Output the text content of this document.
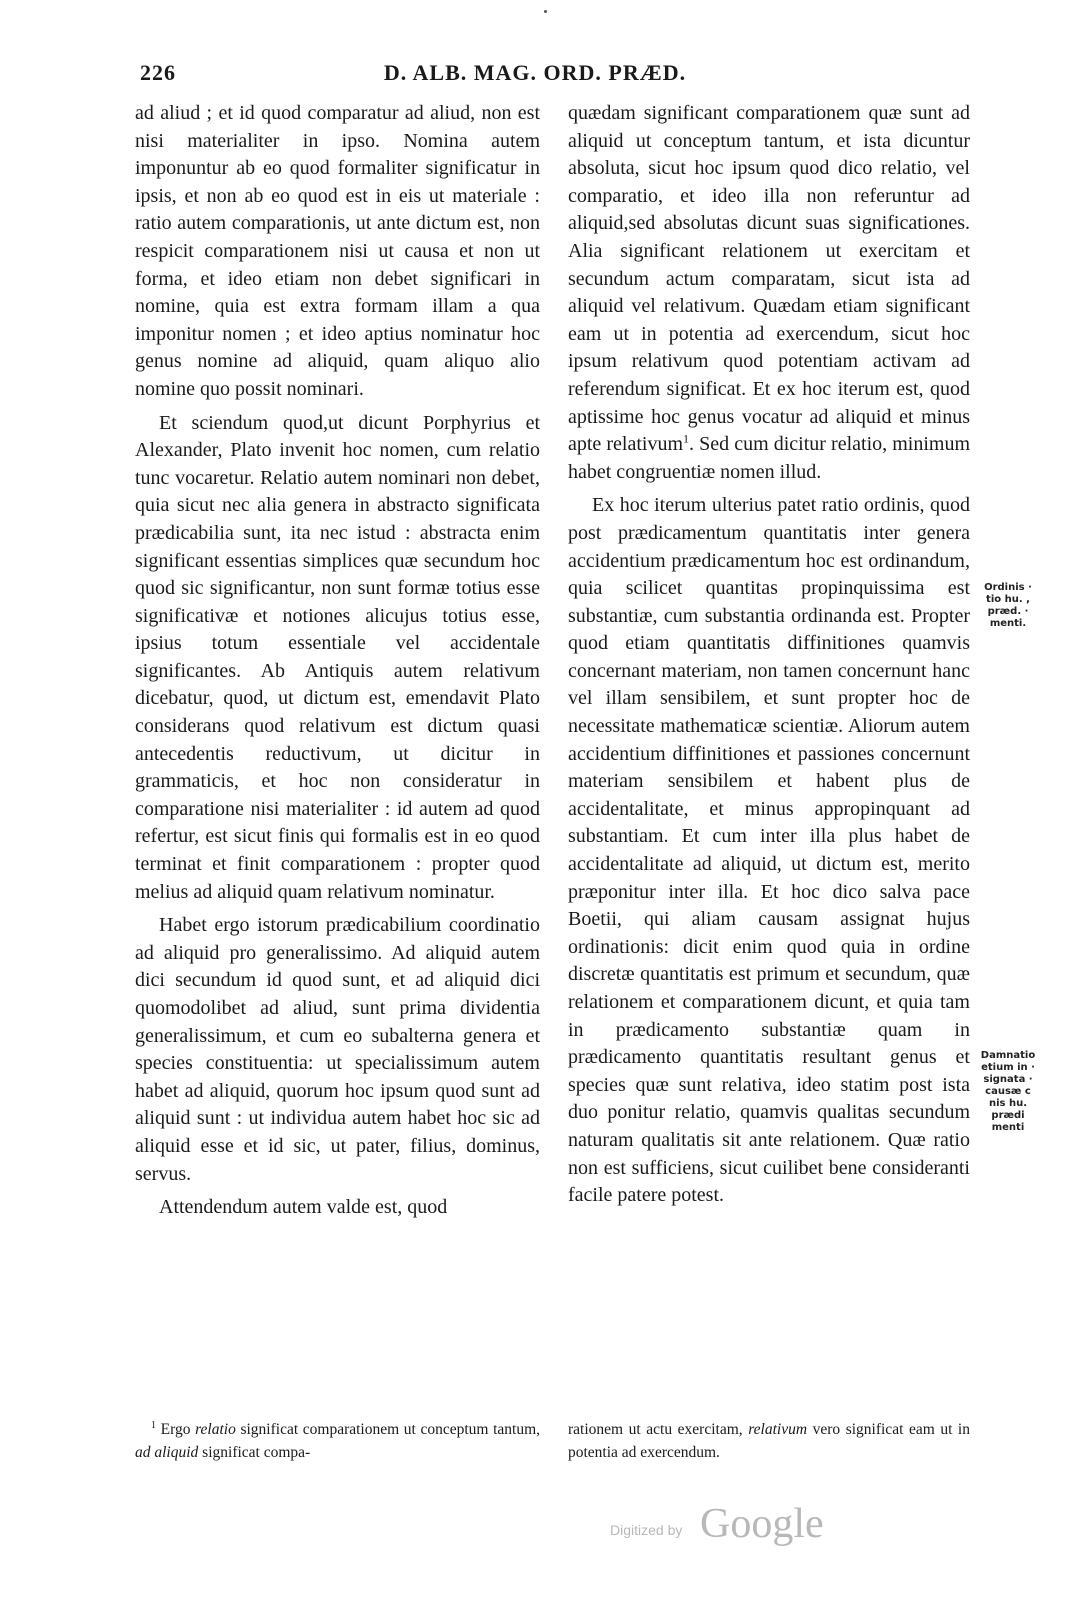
226	D. ALB. MAG. ORD. PRÆD.

ad aliud ; et id quod comparatur ad aliud, non est nisi materialiter in ipso. Nomina autem imponuntur ab eo quod formaliter significatur in ipsis, et non ab eo quod est in eis ut materiale : ratio autem comparationis, ut ante dictum est, non respicit comparationem nisi ut causa et non ut forma, et ideo etiam non debet significari in nomine, quia est extra formam illam a qua imponitur nomen ; et ideo aptius nominatur hoc genus nomine ad aliquid, quam aliquo alio nomine quo possit nominari.

Et sciendum quod,ut dicunt Porphyrius et Alexander, Plato invenit hoc nomen, cum relatio tunc vocaretur. Relatio autem nominari non debet, quia sicut nec alia genera in abstracto significata prædicabilia sunt, ita nec istud : abstracta enim significant essentias simplices quæ secundum hoc quod sic significantur, non sunt formæ totius esse significativæ et notiones alicujus totius esse, ipsius totum essentiale vel accidentale significantes. Ab Antiquis autem relativum dicebatur, quod, ut dictum est, emendavit Plato considerans quod relativum est dictum quasi antecedentis reductivum, ut dicitur in grammaticis, et hoc non consideratur in comparatione nisi materialiter : id autem ad quod refertur, est sicut finis qui formalis est in eo quod terminat et finit comparationem : propter quod melius ad aliquid quam relativum nominatur.

Habet ergo istorum prædicabilium coordinatio ad aliquid pro generalissimo. Ad aliquid autem dici secundum id quod sunt, et ad aliquid dici quomodolibet ad aliud, sunt prima dividentia generalissimum, et cum eo subalterna genera et species constituentia: ut specialissimum autem habet ad aliquid, quorum hoc ipsum quod sunt ad aliquid sunt : ut individua autem habet hoc sic ad aliquid esse et id sic, ut pater, filius, dominus, servus.

Attendendum autem valde est, quod

quædam significant comparationem quæ sunt ad aliquid ut conceptum tantum, et ista dicuntur absoluta, sicut hoc ipsum quod dico relatio, vel comparatio, et ideo illa non referuntur ad aliquid,sed absolutas dicunt suas significationes. Alia significant relationem ut exercitam et secundum actum comparatam, sicut ista ad aliquid vel relativum. Quædam etiam significant eam ut in potentia ad exercendum, sicut hoc ipsum relativum quod potentiam activam ad referendum significat. Et ex hoc iterum est, quod aptissime hoc genus vocatur ad aliquid et minus apte relativum$^1$. Sed cum dicitur relatio, minimum habet congruentiæ nomen illud.

Ex hoc iterum ulterius patet ratio ordinis, quod post prædicamentum quantitatis inter genera accidentium prædicamentum hoc est ordinandum, quia scilicet quantitas propinquissima est substantiæ, cum substantia ordinanda est. Propter quod etiam quantitatis diffinitiones quamvis concernant materiam, non tamen concernunt hanc vel illam sensibilem, et sunt propter hoc de necessitate mathematicæ scientiæ. Aliorum autem accidentium diffinitiones et passiones concernunt materiam sensibilem et habent plus de accidentalitate, et minus appropinquant ad substantiam. Et cum inter illa plus habet de accidentalitate ad aliquid, ut dictum est, merito præponitur inter illa. Et hoc dico salva pace Boetii, qui aliam causam assignat hujus ordinationis: dicit enim quod quia in ordine discretæ quantitatis est primum et secundum, quæ relationem et comparationem dicunt, et quia tam in prædicamento substantiæ quam in prædicamento quantitatis resultant genus et species quæ sunt relativa, ideo statim post ista duo ponitur relatio, quamvis qualitas secundum naturam qualitatis sit ante relationem. Quæ ratio non est sufficiens, sicut cuilibet bene consideranti facile patere potest.

Ordinis ·
tio hu. ,
præd. ·
menti.
Damnatio
etium in ·
signata ·
causæ c
nis hu.
prædi
menti

$^1$ Ergo relatio significat comparationem ut conceptum tantum, ad aliquid significat compa-

rationem ut actu exercitam, relativum vero significat eam ut in potentia ad exercendum.

Digitized by Google
